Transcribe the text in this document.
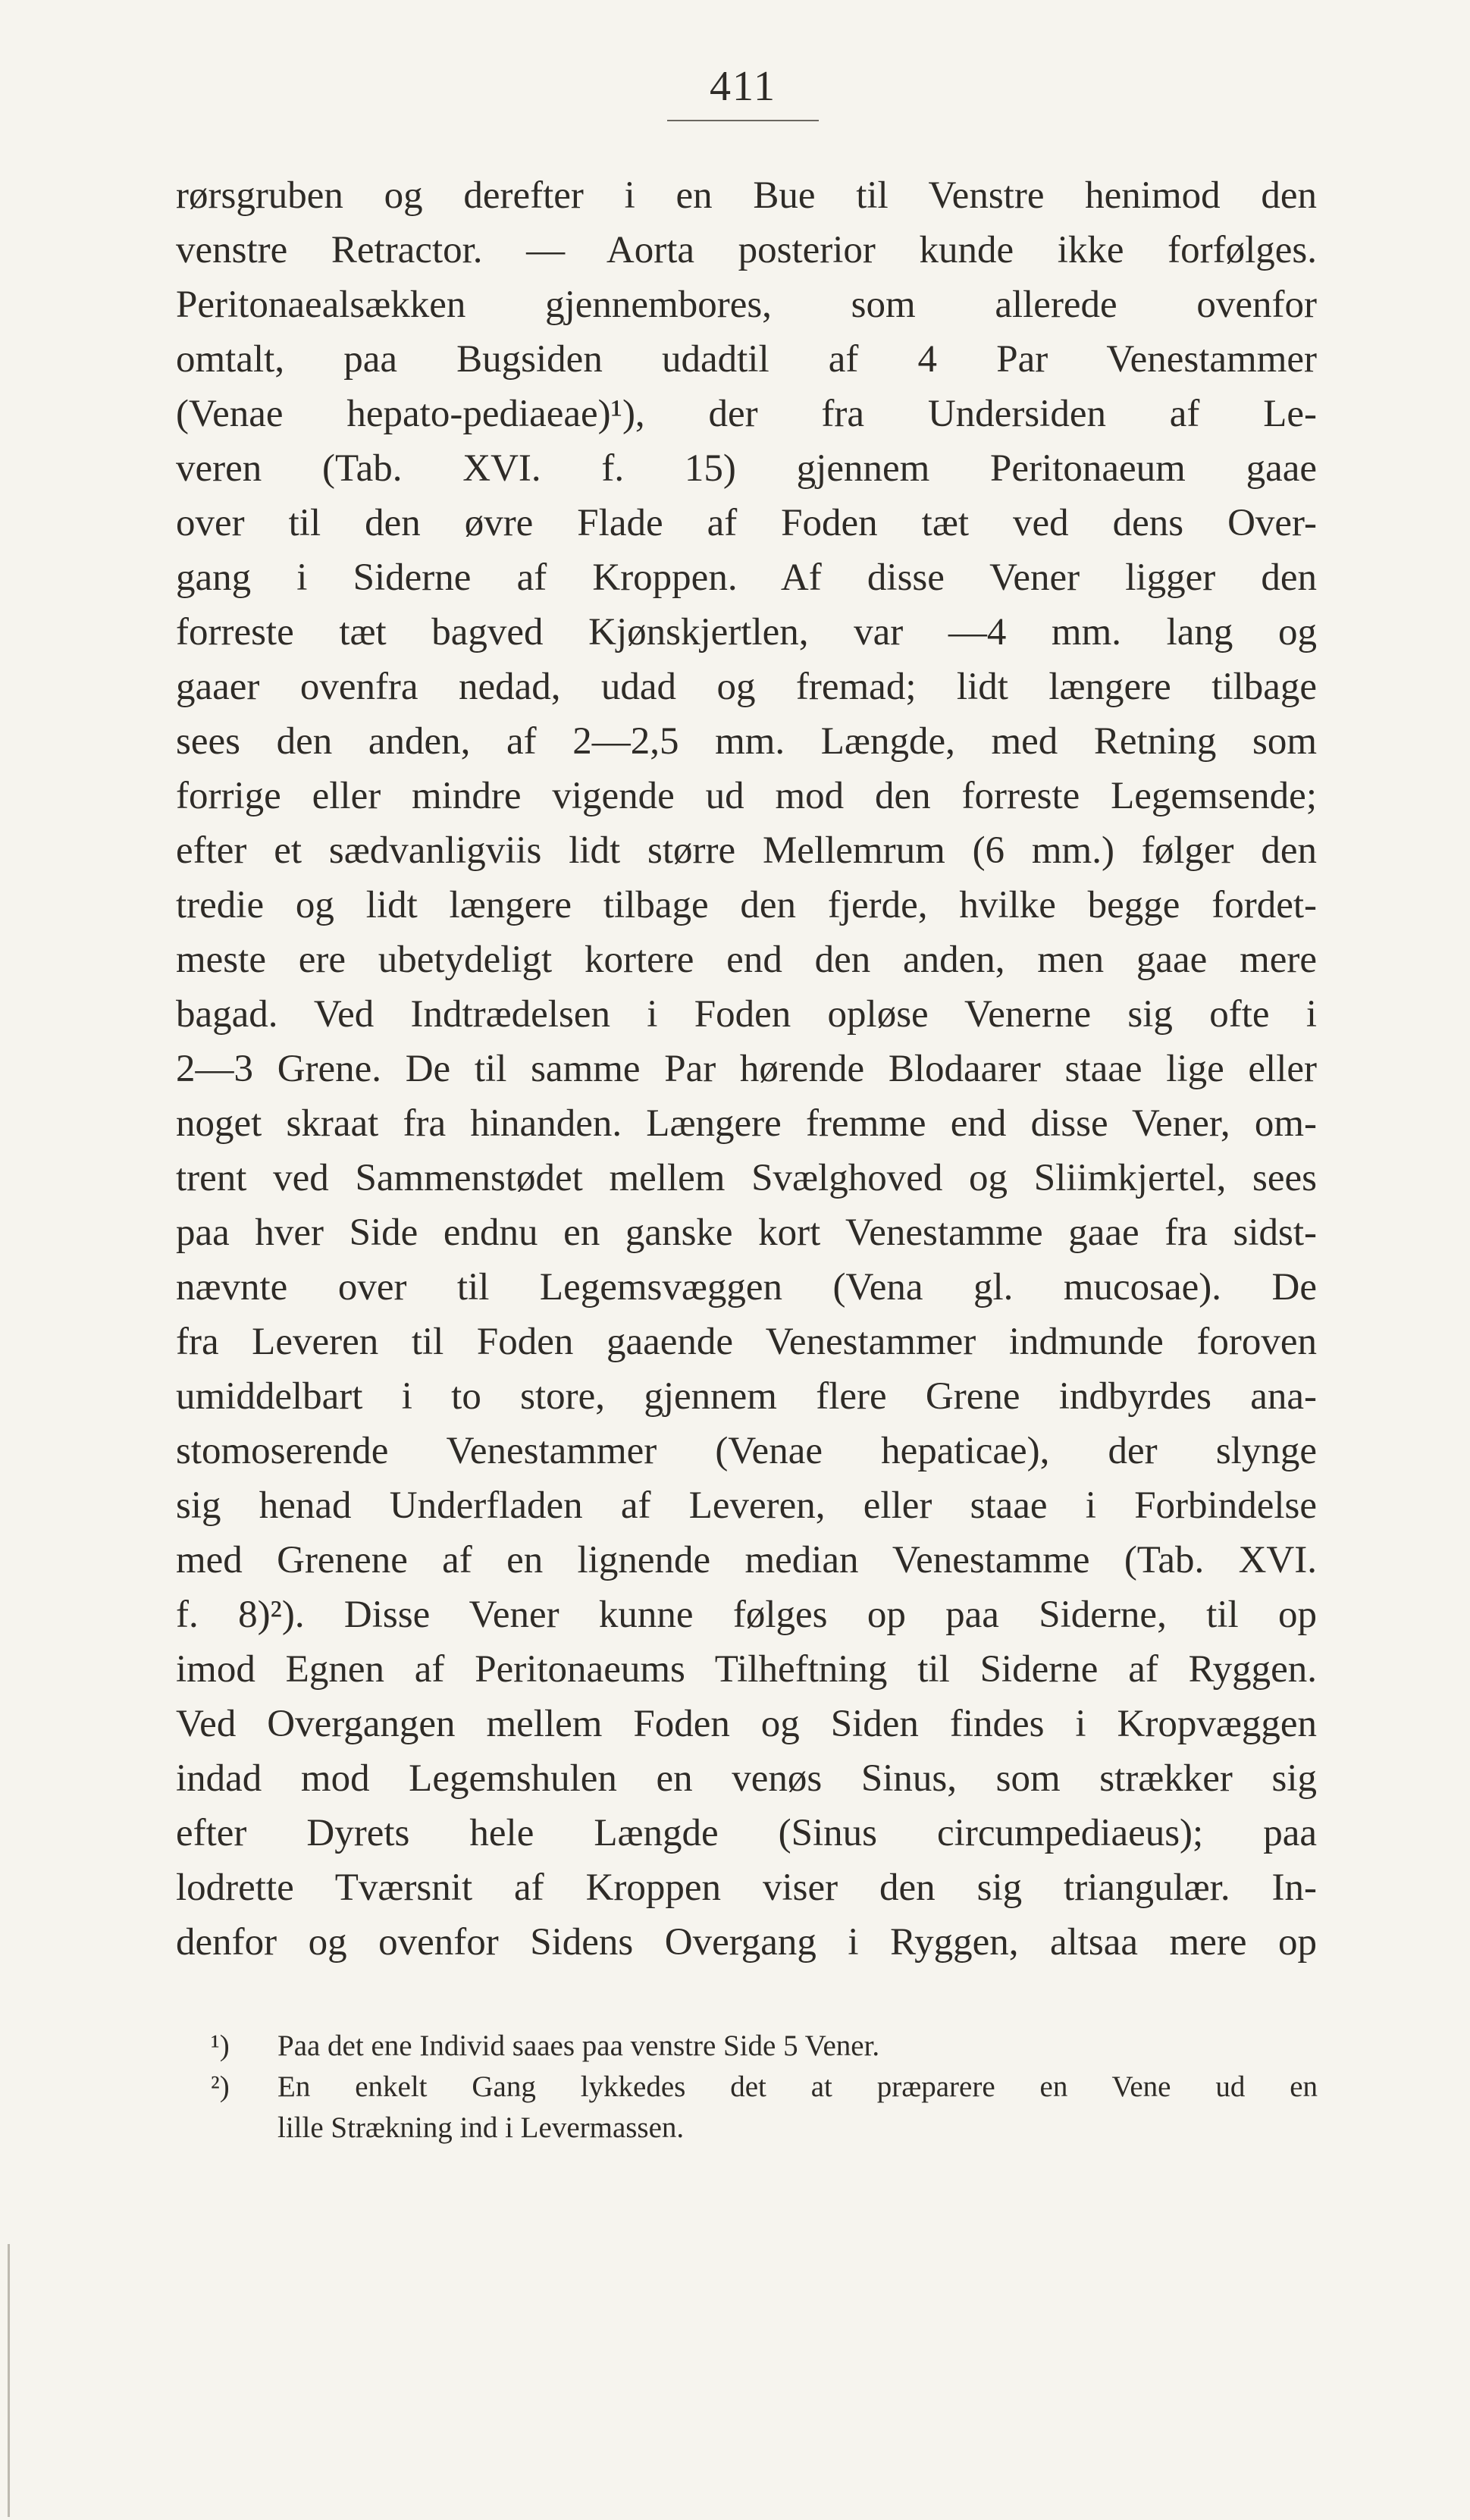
411
rørsgruben og derefter i en Bue til Venstre henimod den
venstre Retractor. — Aorta posterior kunde ikke forfølges.
Peritonaealsækken gjennembores, som allerede ovenfor
omtalt, paa Bugsiden udadtil af 4 Par Venestammer
(Venae hepato-pediaeae)¹), der fra Undersiden af Le-
veren (Tab. XVI. f. 15) gjennem Peritonaeum gaae
over til den øvre Flade af Foden tæt ved dens Over-
gang i Siderne af Kroppen. Af disse Vener ligger den
forreste tæt bagved Kjønskjertlen, var —4 mm. lang og
gaaer ovenfra nedad, udad og fremad; lidt længere tilbage
sees den anden, af 2—2,5 mm. Længde, med Retning som
forrige eller mindre vigende ud mod den forreste Legemsende;
efter et sædvanligviis lidt større Mellemrum (6 mm.) følger den
tredie og lidt længere tilbage den fjerde, hvilke begge fordet-
meste ere ubetydeligt kortere end den anden, men gaae mere
bagad. Ved Indtrædelsen i Foden opløse Venerne sig ofte i
2—3 Grene. De til samme Par hørende Blodaarer staae lige eller
noget skraat fra hinanden. Længere fremme end disse Vener, om-
trent ved Sammenstødet mellem Svælghoved og Sliimkjertel, sees
paa hver Side endnu en ganske kort Venestamme gaae fra sidst-
nævnte over til Legemsvæggen (Vena gl. mucosae). De
fra Leveren til Foden gaaende Venestammer indmunde foroven
umiddelbart i to store, gjennem flere Grene indbyrdes ana-
stomoserende Venestammer (Venae hepaticae), der slynge
sig henad Underfladen af Leveren, eller staae i Forbindelse
med Grenene af en lignende median Venestamme (Tab. XVI.
f. 8)²). Disse Vener kunne følges op paa Siderne, til op
imod Egnen af Peritonaeums Tilheftning til Siderne af Ryggen.
Ved Overgangen mellem Foden og Siden findes i Kropvæggen
indad mod Legemshulen en venøs Sinus, som strækker sig
efter Dyrets hele Længde (Sinus circumpediaeus); paa
lodrette Tværsnit af Kroppen viser den sig triangulær. In-
denfor og ovenfor Sidens Overgang i Ryggen, altsaa mere op
¹) Paa det ene Individ saaes paa venstre Side 5 Vener.
²) En enkelt Gang lykkedes det at præparere en Vene ud en
lille Strækning ind i Levermassen.
